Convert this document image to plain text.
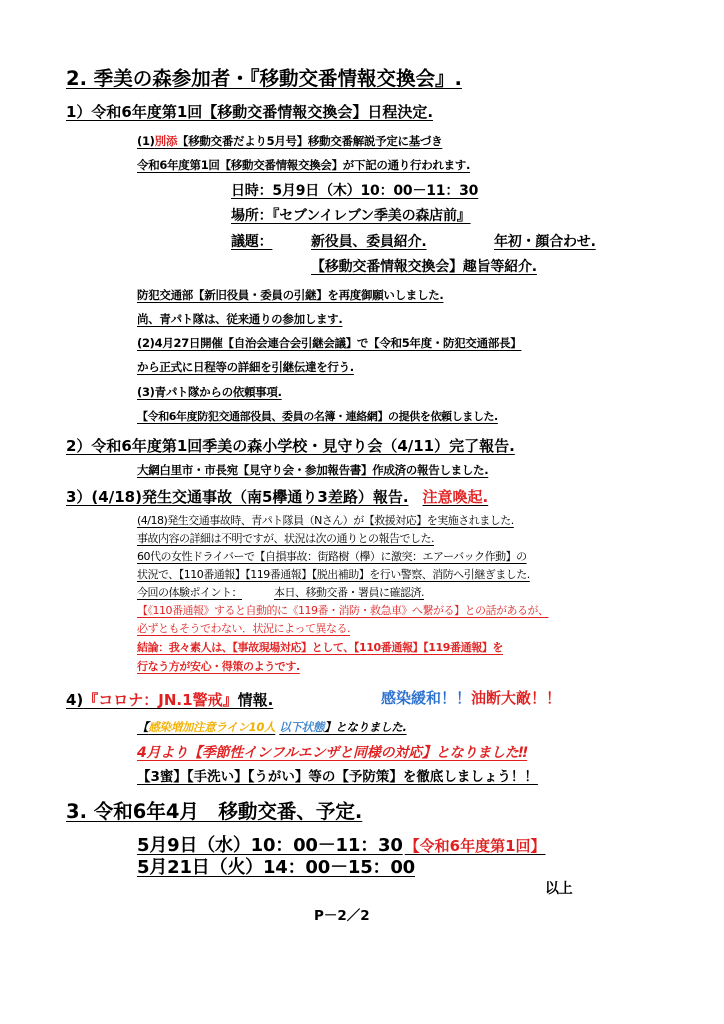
2. 季美の森参加者・『移動交番情報交換会』.
1）令和6年度第1回【移動交番情報交換会】日程決定.
(1)別添【移動交番だより5月号】移動交番解説予定に基づき
令和6年度第1回【移動交番情報交換会】が下記の通り行われます.
日時：5月9日（木）10：00－11：30
場所：『セブンイレブン季美の森店前』
議題：	新役員、委員紹介.	年初・顔合わせ.
【移動交番情報交換会】趣旨等紹介.
防犯交通部【新旧役員・委員の引継】を再度御願いしました.
尚、青パト隊は、従来通りの参加します.
(2)4月27日開催【自治会連合会引継会議】で【令和5年度・防犯交通部長】
から正式に日程等の詳細を引継伝達を行う.
(3)青パト隊からの依頼事項.
【令和6年度防犯交通部役員、委員の名簿・連絡網】の提供を依頼しました.
2）令和6年度第1回季美の森小学校・見守り会（4/11）完了報告.
大網白里市・市長宛【見守り会・参加報告書】作成済の報告しました.
3）(4/18)発生交通事故（南5欅通り3差路）報告. 注意喚起.
(4/18)発生交通事故時、青パト隊員（Nさん）が【救援対応】を実施されました.
事故内容の詳細は不明ですが、状況は次の通りとの報告でした.
60代の女性ドライバーで【自損事故：街路樹（欅）に激突：エアーバック作動】の
状況で、【110番通報】【119番通報】【脱出補助】を行い警察、消防へ引継ぎました.
今回の体験ポイント：	本日、移動交番・署員に確認済.
【《110番通報》すると自動的に《119番・消防・救急車》へ繋がる】との話があるが、
必ずともそうでわない．状況によって異なる.
結論：我々素人は、【事故現場対応】として、【110番通報】【119番通報】を
行なう方が安心・得策のようです.
4)『コロナ：JN.1警戒』情報.	感染緩和！！油断大敵！！
【感染増加注意ライン10人 以下状態】となりました.
4月より【季節性インフルエンザと同様の対応】となりました‼
【3蜜】【手洗い】【うがい】等の【予防策】を徹底しましょう！！
3. 令和6年4月　移動交番、予定.
5月9日（水）10：00－11：30 【令和6年度第1回】
5月21日（火）14：00－15：00
以上
P－2／2
